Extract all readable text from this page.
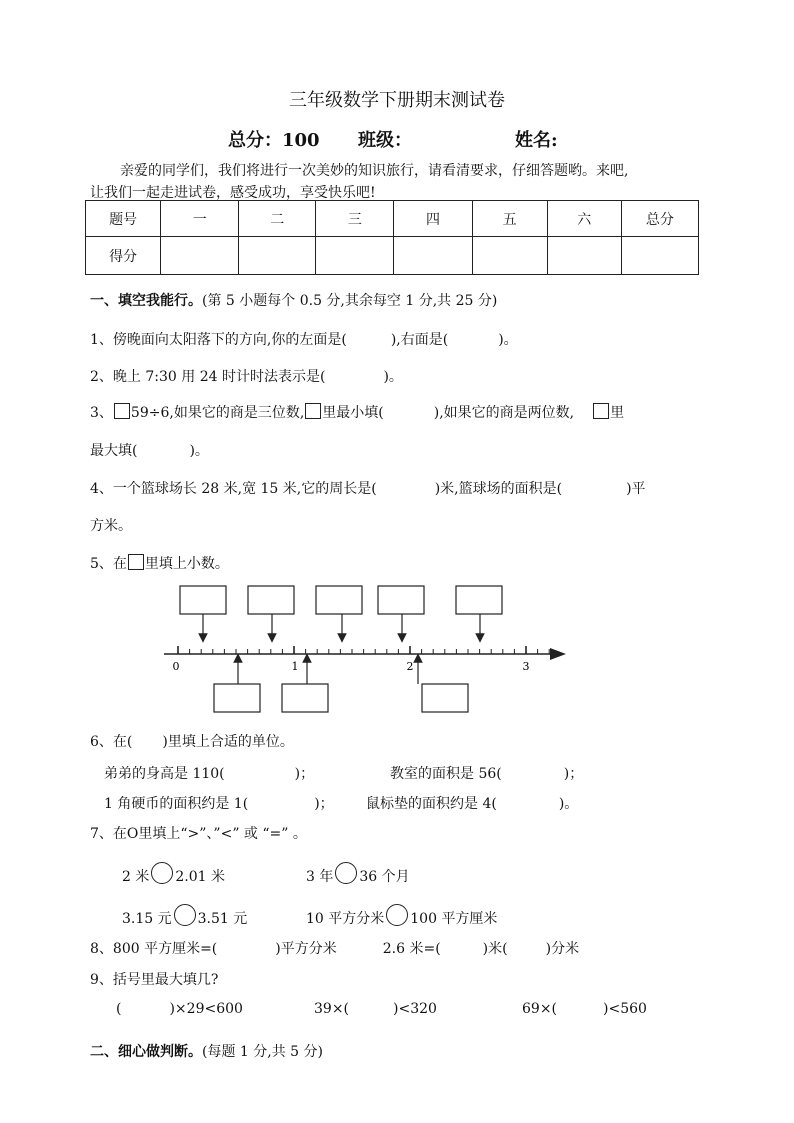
三年级数学下册期末测试卷
总分：100 班级：	姓名:
亲爱的同学们，我们将进行一次美妙的知识旅行，请看清要求，仔细答题哟。来吧,
让我们一起走进试卷，感受成功，享受快乐吧!
题号	一	二	三	四	五	六	总分
得分							
一、填空我能行。(第 5 小题每个 0.5 分,其余每空 1 分,共 25 分)
1、傍晚面向太阳落下的方向,你的左面是(	),右面是(	)。
2、晚上 7:30 用 24 时计时法表示是(	)。
3、 59÷6,如果它的商是三位数, 里最小填(	),如果它的商是两位数,	里
最大填(	)。
4、一个篮球场长 28 米,宽 15 米,它的周长是(	)米,篮球场的面积是(	)平
方米。
5、在 里填上小数。
0	1	2	3
6、在( )里填上合适的单位。
弟弟的身高是 110(	)；	教室的面积是 56(	)；
1 角硬币的面积约是 1(	)； 鼠标垫的面积约是 4(	)。
7、在O里填上“>”、”<” 或 “=” 。
2 米 2.01 米	3 年 36 个月
3.15 元 3.51 元	10 平方分米 100 平方厘米
8、800 平方厘米=(	)平方分米	2.6 米=(	)米(	)分米
9、括号里最大填几?
(	)×29<600	39×(	)<320	69×(	)<560
二、细心做判断。(每题 1 分,共 5 分)
